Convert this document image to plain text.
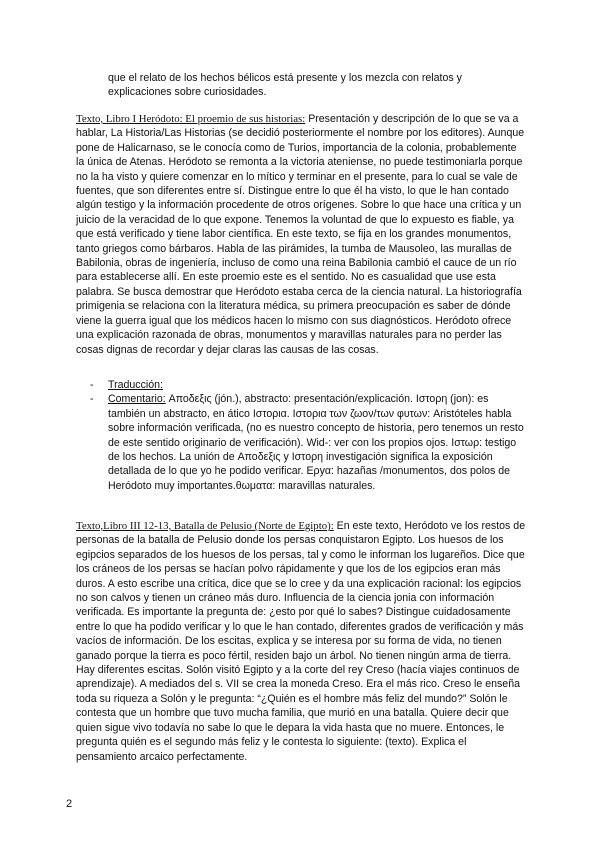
que el relato de los hechos bélicos está presente y los mezcla con relatos y explicaciones sobre curiosidades.

Texto, Libro I Heródoto: El proemio de sus historias: Presentación y descripción de lo que se va a hablar, La Historia/Las Historias (se decidió posteriormente el nombre por los editores). Aunque pone de Halicarnaso, se le conocía como de Turios, importancia de la colonia, probablemente la única de Atenas. Heródoto se remonta a la victoria ateniense, no puede testimoniarla porque no la ha visto y quiere comenzar en lo mítico y terminar en el presente, para lo cual se vale de fuentes, que son diferentes entre sí. Distingue entre lo que él ha visto, lo que le han contado algún testigo y la información procedente de otros orígenes. Sobre lo que hace una crítica y un juicio de la veracidad de lo que expone. Tenemos la voluntad de que lo expuesto es fiable, ya que está verificado y tiene labor científica. En este texto, se fija en los grandes monumentos, tanto griegos como bárbaros. Habla de las pirámides, la tumba de Mausoleo, las murallas de Babilonia, obras de ingeniería, incluso de como una reina Babilonia cambió el cauce de un río para establecerse allí. En este proemio este es el sentido. No es casualidad que use esta palabra. Se busca demostrar que Heródoto estaba cerca de la ciencia natural. La historiografía primigenia se relaciona con la literatura médica, su primera preocupación es saber de dónde viene la guerra igual que los médicos hacen lo mismo con sus diagnósticos. Heródoto ofrece una explicación razonada de obras, monumentos y maravillas naturales para no perder las cosas dignas de recordar y dejar claras las causas de las cosas.

- Traducción:
- Comentario: Αποδεξις (jón.), abstracto: presentación/explicación. Ιστορη (jon): es también un abstracto, en ático Ιστορια. Ιστορια των ζωον/των φυτων: Aristóteles habla sobre información verificada, (no es nuestro concepto de historia, pero tenemos un resto de este sentido originario de verificación). Wid-: ver con los propios ojos. Ιστωρ: testigo de los hechos. La unión de Αποδεξις y Ιστορη investigación significa la exposición detallada de lo que yo he podido verificar. Ερyα: hazañas /monumentos, dos polos de Heródoto muy importantes.θωματα: maravillas naturales.

Texto,Libro III 12-13, Batalla de Pelusio (Norte de Egipto): En este texto, Heródoto ve los restos de personas de la batalla de Pelusio donde los persas conquistaron Egipto. Los huesos de los egipcios separados de los huesos de los persas, tal y como le informan los lugareños. Dice que los cráneos de los persas se hacían polvo rápidamente y que los de los egipcios eran más duros. A esto escribe una crítica, dice que se lo cree y da una explicación racional: los egipcios no son calvos y tienen un cráneo más duro. Influencia de la ciencia jonia con información verificada. Es importante la pregunta de: ¿esto por qué lo sabes? Distingue cuidadosamente entre lo que ha podido verificar y lo que le han contado, diferentes grados de verificación y más vacíos de información. De los escitas, explica y se interesa por su forma de vida, no tienen ganado porque la tierra es poco fértil, residen bajo un árbol. No tienen ningún arma de tierra. Hay diferentes escitas. Solón visitó Egipto y a la corte del rey Creso (hacía viajes continuos de aprendizaje). A mediados del s. VII se crea la moneda Creso. Era el más rico. Creso le enseña toda su riqueza a Solón y le pregunta: “¿Quién es el hombre más feliz del mundo?” Solón le contesta que un hombre que tuvo mucha familia, que murió en una batalla. Quiere decir que quien sigue vivo todavía no sabe lo que le depara la vida hasta que no muere. Entonces, le pregunta quién es el segundo más feliz y le contesta lo siguiente: (texto). Explica el pensamiento arcaico perfectamente.

2
